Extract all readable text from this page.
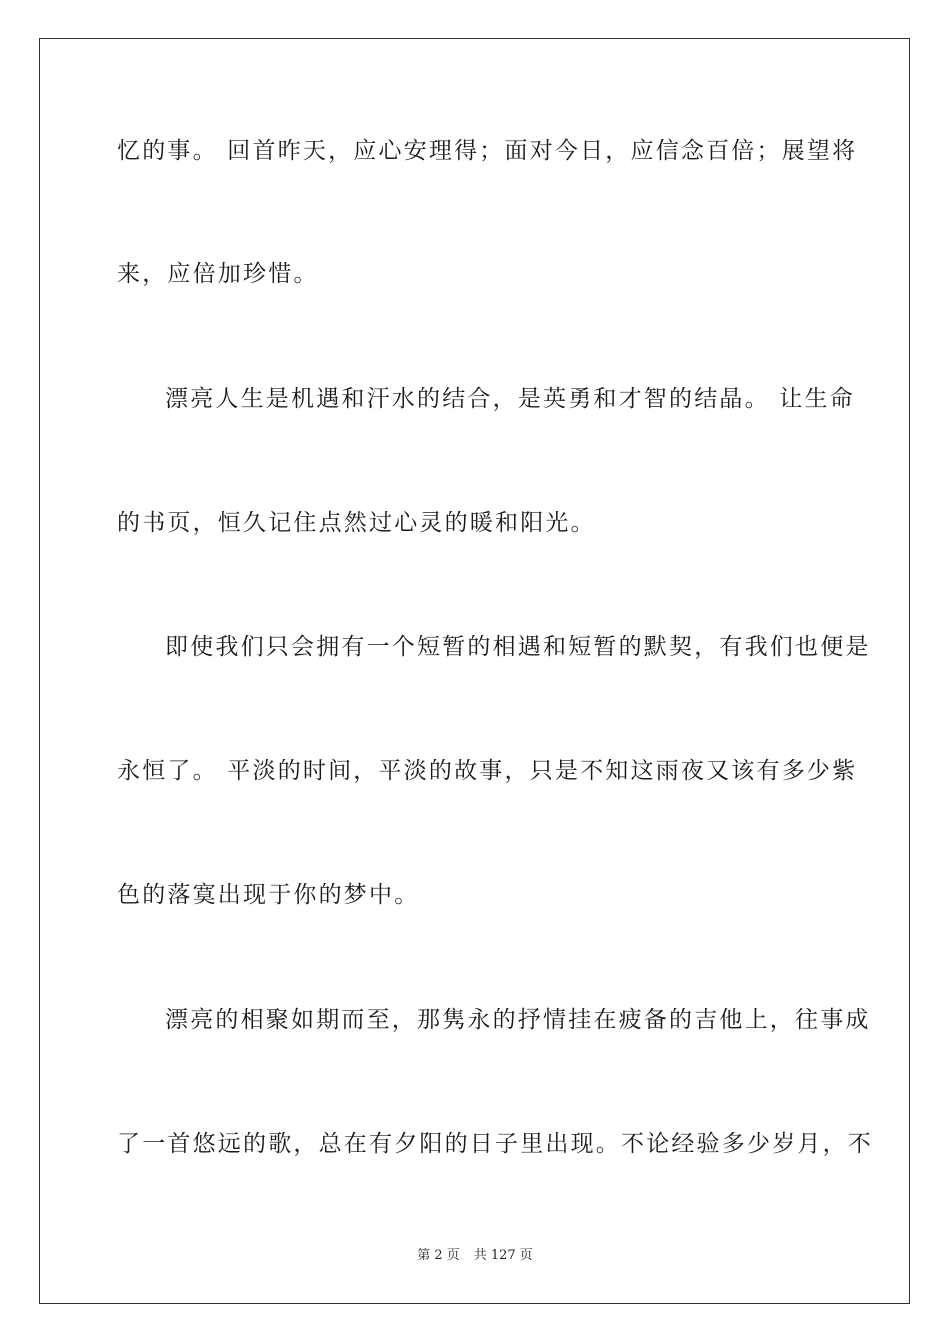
忆的事。 回首昨天，应心安理得；面对今日，应信念百倍；展望将
来，应倍加珍惜。
漂亮人生是机遇和汗水的结合，是英勇和才智的结晶。 让生命
的书页，恒久记住点然过心灵的暖和阳光。
即使我们只会拥有一个短暂的相遇和短暂的默契，有我们也便是
永恒了。 平淡的时间，平淡的故事，只是不知这雨夜又该有多少紫
色的落寞出现于你的梦中。
漂亮的相聚如期而至，那隽永的抒情挂在疲备的吉他上，往事成
了一首悠远的歌，总在有夕阳的日子里出现。不论经验多少岁月，不
第 2 页 共 127 页
